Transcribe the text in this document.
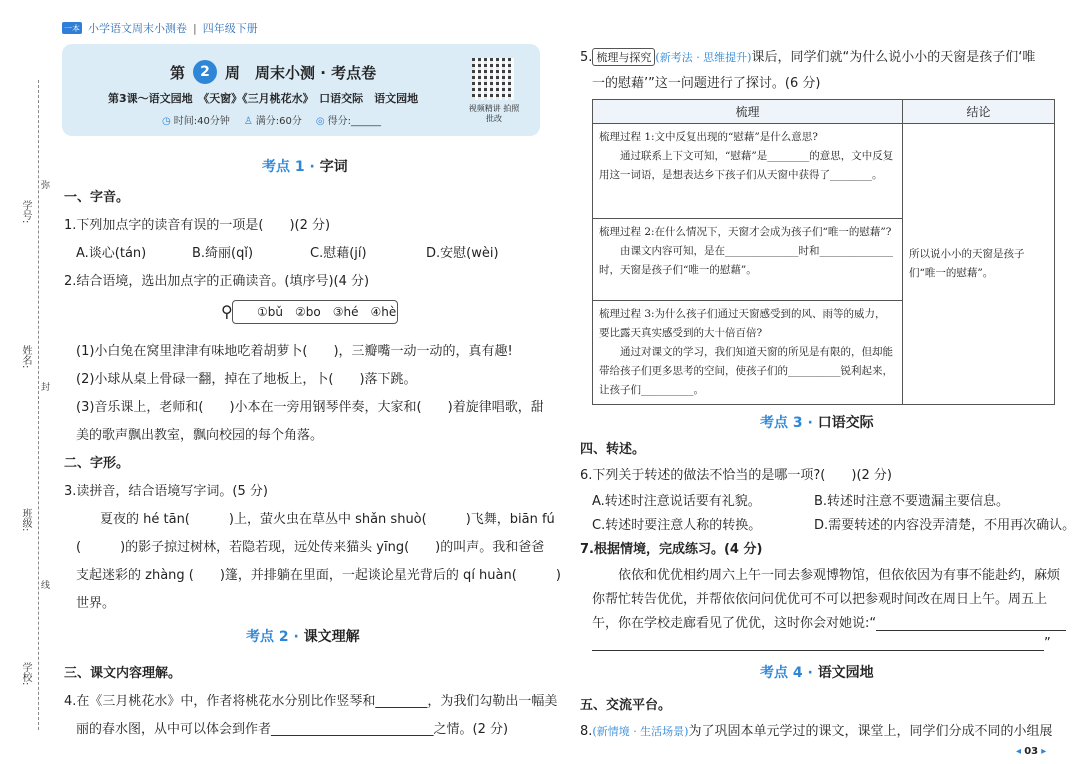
一本 小学语文周末小测卷 | 四年级下册
学号:
姓名:
班级:
学校:
弥
封
线
第	2	周　周末小测 · 考点卷
第3课～语文园地　《天窗》《三月桃花水》　口语交际　语文园地
◷ 时间:40分钟 ♙ 满分:60分 ◎ 得分:______
视频精讲 拍照批改
考点 1 · 字词
一、字音。
1.下列加点字的读音有误的一项是(　　)(2 分)
A.谈心(tán)	B.绮丽(qǐ)	C.慰藉(jí)	D.安慰(wèi)
2.结合语境，选出加点字的正确读音。(填序号)(4 分)
⚲ ①bǔ ②bo ③hé ④hè
(1)小白兔在窝里津津有味地吃着胡萝卜(　　)，三瓣嘴一动一动的，真有趣!
(2)小球从桌上骨碌一翻，掉在了地板上，卜(　　)落下跳。
(3)音乐课上，老师和(　　)小本在一旁用钢琴伴奏，大家和(　　)着旋律唱歌，甜
美的歌声飘出教室，飘向校园的每个角落。
二、字形。
3.读拼音，结合语境写字词。(5 分)
夏夜的 hé tān(　　　)上，萤火虫在草丛中 shǎn shuò(　　　)飞舞，biān fú
(　　　)的影子掠过树林，若隐若现，远处传来猫头 yīng(　　)的叫声。我和爸爸
支起迷彩的 zhàng (　　)篷，并排躺在里面，一起谈论星光背后的 qí huàn(　　　)
世界。
考点 2 · 课文理解
三、课文内容理解。
4.在《三月桃花水》中，作者将桃花水分别比作竖琴和________，为我们勾勒出一幅美
丽的春水图，从中可以体会到作者_________________________之情。(2 分)
5. 梳理与探究 (新考法 · 思维提升)课后，同学们就“为什么说小小的天窗是孩子们‘唯
一的慰藉’”这一问题进行了探讨。(6 分)
梳理	结论

梳理过程 1:文中反复出现的“慰藉”是什么意思?
　　通过联系上下文可知，“慰藉”是________的意思，文中反复用这一词语，是想表达乡下孩子们从天窗中获得了________。	所以说小小的天窗是孩子们“唯一的慰藉”。

梳理过程 2:在什么情况下，天窗才会成为孩子们“唯一的慰藉”?
　　由课文内容可知，是在______________时和______________时，天窗是孩子们“唯一的慰藉”。	

梳理过程 3:为什么孩子们通过天窗感受到的风、雨等的威力，要比露天真实感受到的大十倍百倍?
　　通过对课文的学习，我们知道天窗的所见是有限的，但却能带给孩子们更多思考的空间，使孩子们的__________锐利起来，让孩子们__________。	
考点 3 · 口语交际
四、转述。
6.下列关于转述的做法不恰当的是哪一项?(　　)(2 分)
A.转述时注意说话要有礼貌。	B.转述时注意不要遗漏主要信息。
C.转述时要注意人称的转换。	D.需要转述的内容没弄清楚，不用再次确认。
7.根据情境，完成练习。(4 分)
依依和优优相约周六上午一同去参观博物馆，但依依因为有事不能赴约，麻烦
你帮忙转告优优，并帮依依问问优优可不可以把参观时间改在周日上午。周五上
午，你在学校走廊看见了优优，这时你会对她说:“
”
考点 4 · 语文园地
五、交流平台。
8.(新情境 · 生活场景)为了巩固本单元学过的课文，课堂上，同学们分成不同的小组展
◂ 03 ▸
